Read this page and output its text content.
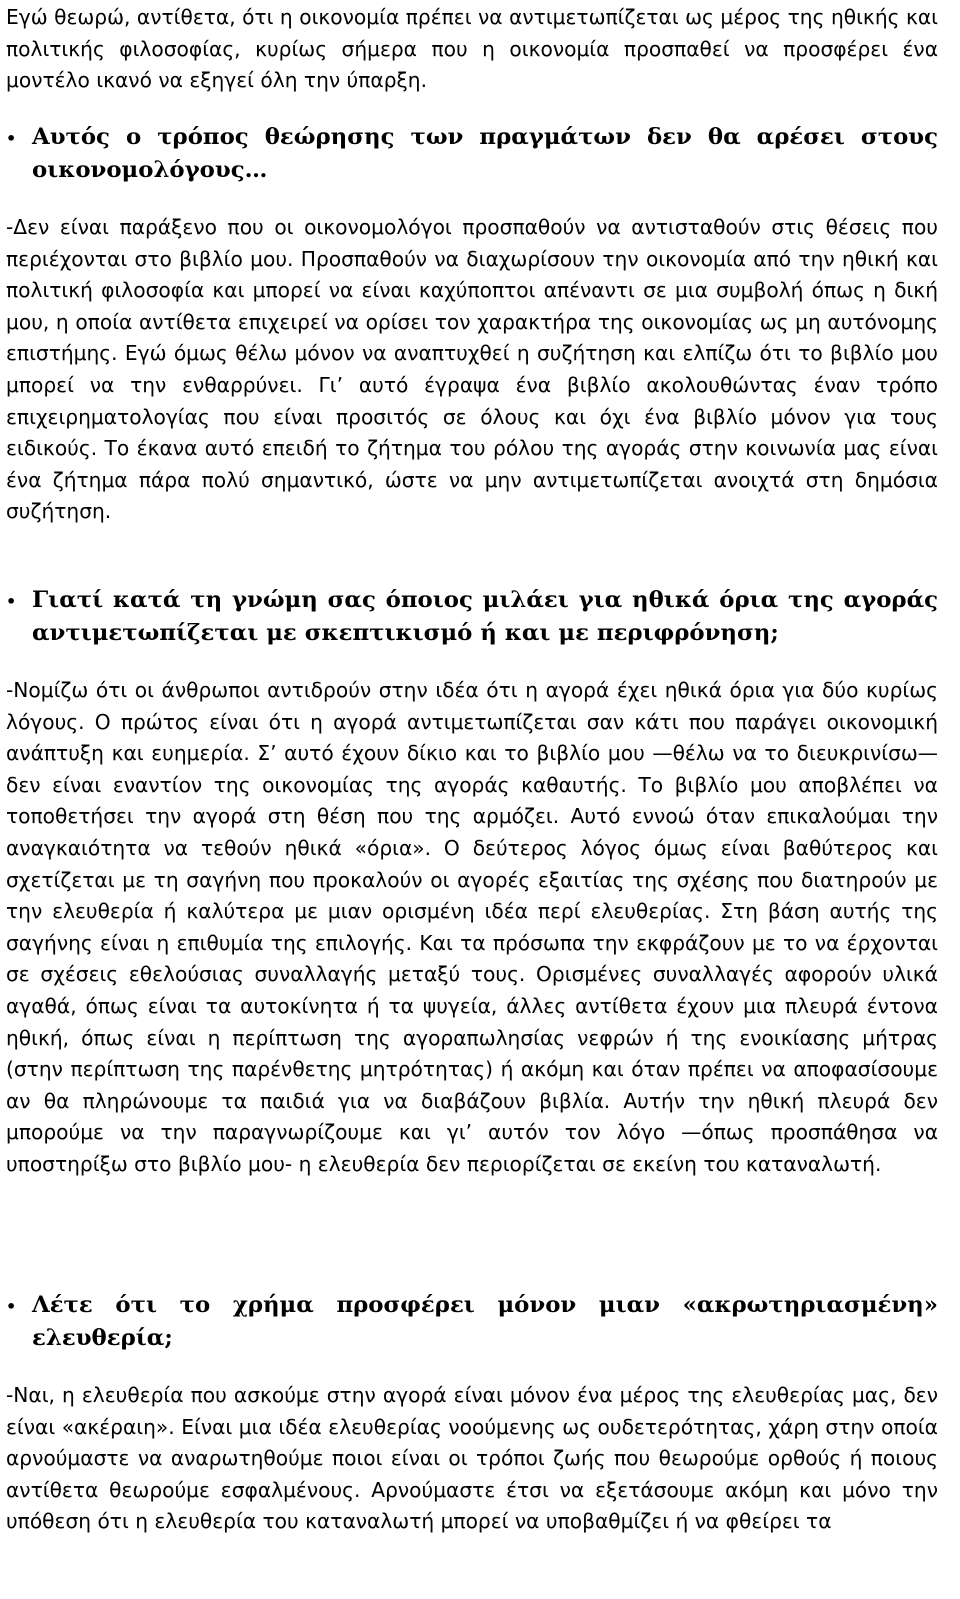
Εγώ θεωρώ, αντίθετα, ότι η οικονομία πρέπει να αντιμετωπίζεται ως μέρος της ηθικής και πολιτικής φιλοσοφίας, κυρίως σήμερα που η οικονομία προσπαθεί να προσφέρει ένα μοντέλο ικανό να εξηγεί όλη την ύπαρξη.

• Αυτός ο τρόπος θεώρησης των πραγμάτων δεν θα αρέσει στους οικονομολόγους…

-Δεν είναι παράξενο που οι οικονομολόγοι προσπαθούν να αντισταθούν στις θέσεις που περιέχονται στο βιβλίο μου. Προσπαθούν να διαχωρίσουν την οικονομία από την ηθική και πολιτική φιλοσοφία και μπορεί να είναι καχύποπτοι απέναντι σε μια συμβολή όπως η δική μου, η οποία αντίθετα επιχειρεί να ορίσει τον χαρακτήρα της οικονομίας ως μη αυτόνομης επιστήμης. Εγώ όμως θέλω μόνον να αναπτυχθεί η συζήτηση και ελπίζω ότι το βιβλίο μου μπορεί να την ενθαρρύνει. Γι’ αυτό έγραψα ένα βιβλίο ακολουθώντας έναν τρόπο επιχειρηματολογίας που είναι προσιτός σε όλους και όχι ένα βιβλίο μόνον για τους ειδικούς. Το έκανα αυτό επειδή το ζήτημα του ρόλου της αγοράς στην κοινωνία μας είναι ένα ζήτημα πάρα πολύ σημαντικό, ώστε να μην αντιμετωπίζεται ανοιχτά στη δημόσια συζήτηση.

• Γιατί κατά τη γνώμη σας όποιος μιλάει για ηθικά όρια της αγοράς αντιμετωπίζεται με σκεπτικισμό ή και με περιφρόνηση;

-Νομίζω ότι οι άνθρωποι αντιδρούν στην ιδέα ότι η αγορά έχει ηθικά όρια για δύο κυρίως λόγους. Ο πρώτος είναι ότι η αγορά αντιμετωπίζεται σαν κάτι που παράγει οικονομική ανάπτυξη και ευημερία. Σ’ αυτό έχουν δίκιο και το βιβλίο μου —θέλω να το διευκρινίσω— δεν είναι εναντίον της οικονομίας της αγοράς καθαυτής. Το βιβλίο μου αποβλέπει να τοποθετήσει την αγορά στη θέση που της αρμόζει. Αυτό εννοώ όταν επικαλούμαι την αναγκαιότητα να τεθούν ηθικά «όρια». Ο δεύτερος λόγος όμως είναι βαθύτερος και σχετίζεται με τη σαγήνη που προκαλούν οι αγορές εξαιτίας της σχέσης που διατηρούν με την ελευθερία ή καλύτερα με μιαν ορισμένη ιδέα περί ελευθερίας. Στη βάση αυτής της σαγήνης είναι η επιθυμία της επιλογής. Και τα πρόσωπα την εκφράζουν με το να έρχονται σε σχέσεις εθελούσιας συναλλαγής μεταξύ τους. Ορισμένες συναλλαγές αφορούν υλικά αγαθά, όπως είναι τα αυτοκίνητα ή τα ψυγεία, άλλες αντίθετα έχουν μια πλευρά έντονα ηθική, όπως είναι η περίπτωση της αγοραπωλησίας νεφρών ή της ενοικίασης μήτρας (στην περίπτωση της παρένθετης μητρότητας) ή ακόμη και όταν πρέπει να αποφασίσουμε αν θα πληρώνουμε τα παιδιά για να διαβάζουν βιβλία. Αυτήν την ηθική πλευρά δεν μπορούμε να την παραγνωρίζουμε και γι’ αυτόν τον λόγο —όπως προσπάθησα να υποστηρίξω στο βιβλίο μου- η ελευθερία δεν περιορίζεται σε εκείνη του καταναλωτή.

• Λέτε ότι το χρήμα προσφέρει μόνον μιαν «ακρωτηριασμένη» ελευθερία;

-Ναι, η ελευθερία που ασκούμε στην αγορά είναι μόνον ένα μέρος της ελευθερίας μας, δεν είναι «ακέραιη». Είναι μια ιδέα ελευθερίας νοούμενης ως ουδετερότητας, χάρη στην οποία αρνούμαστε να αναρωτηθούμε ποιοι είναι οι τρόποι ζωής που θεωρούμε ορθούς ή ποιους αντίθετα θεωρούμε εσφαλμένους. Αρνούμαστε έτσι να εξετάσουμε ακόμη και μόνο την υπόθεση ότι η ελευθερία του καταναλωτή μπορεί να υποβαθμίζει ή να φθείρει τα
